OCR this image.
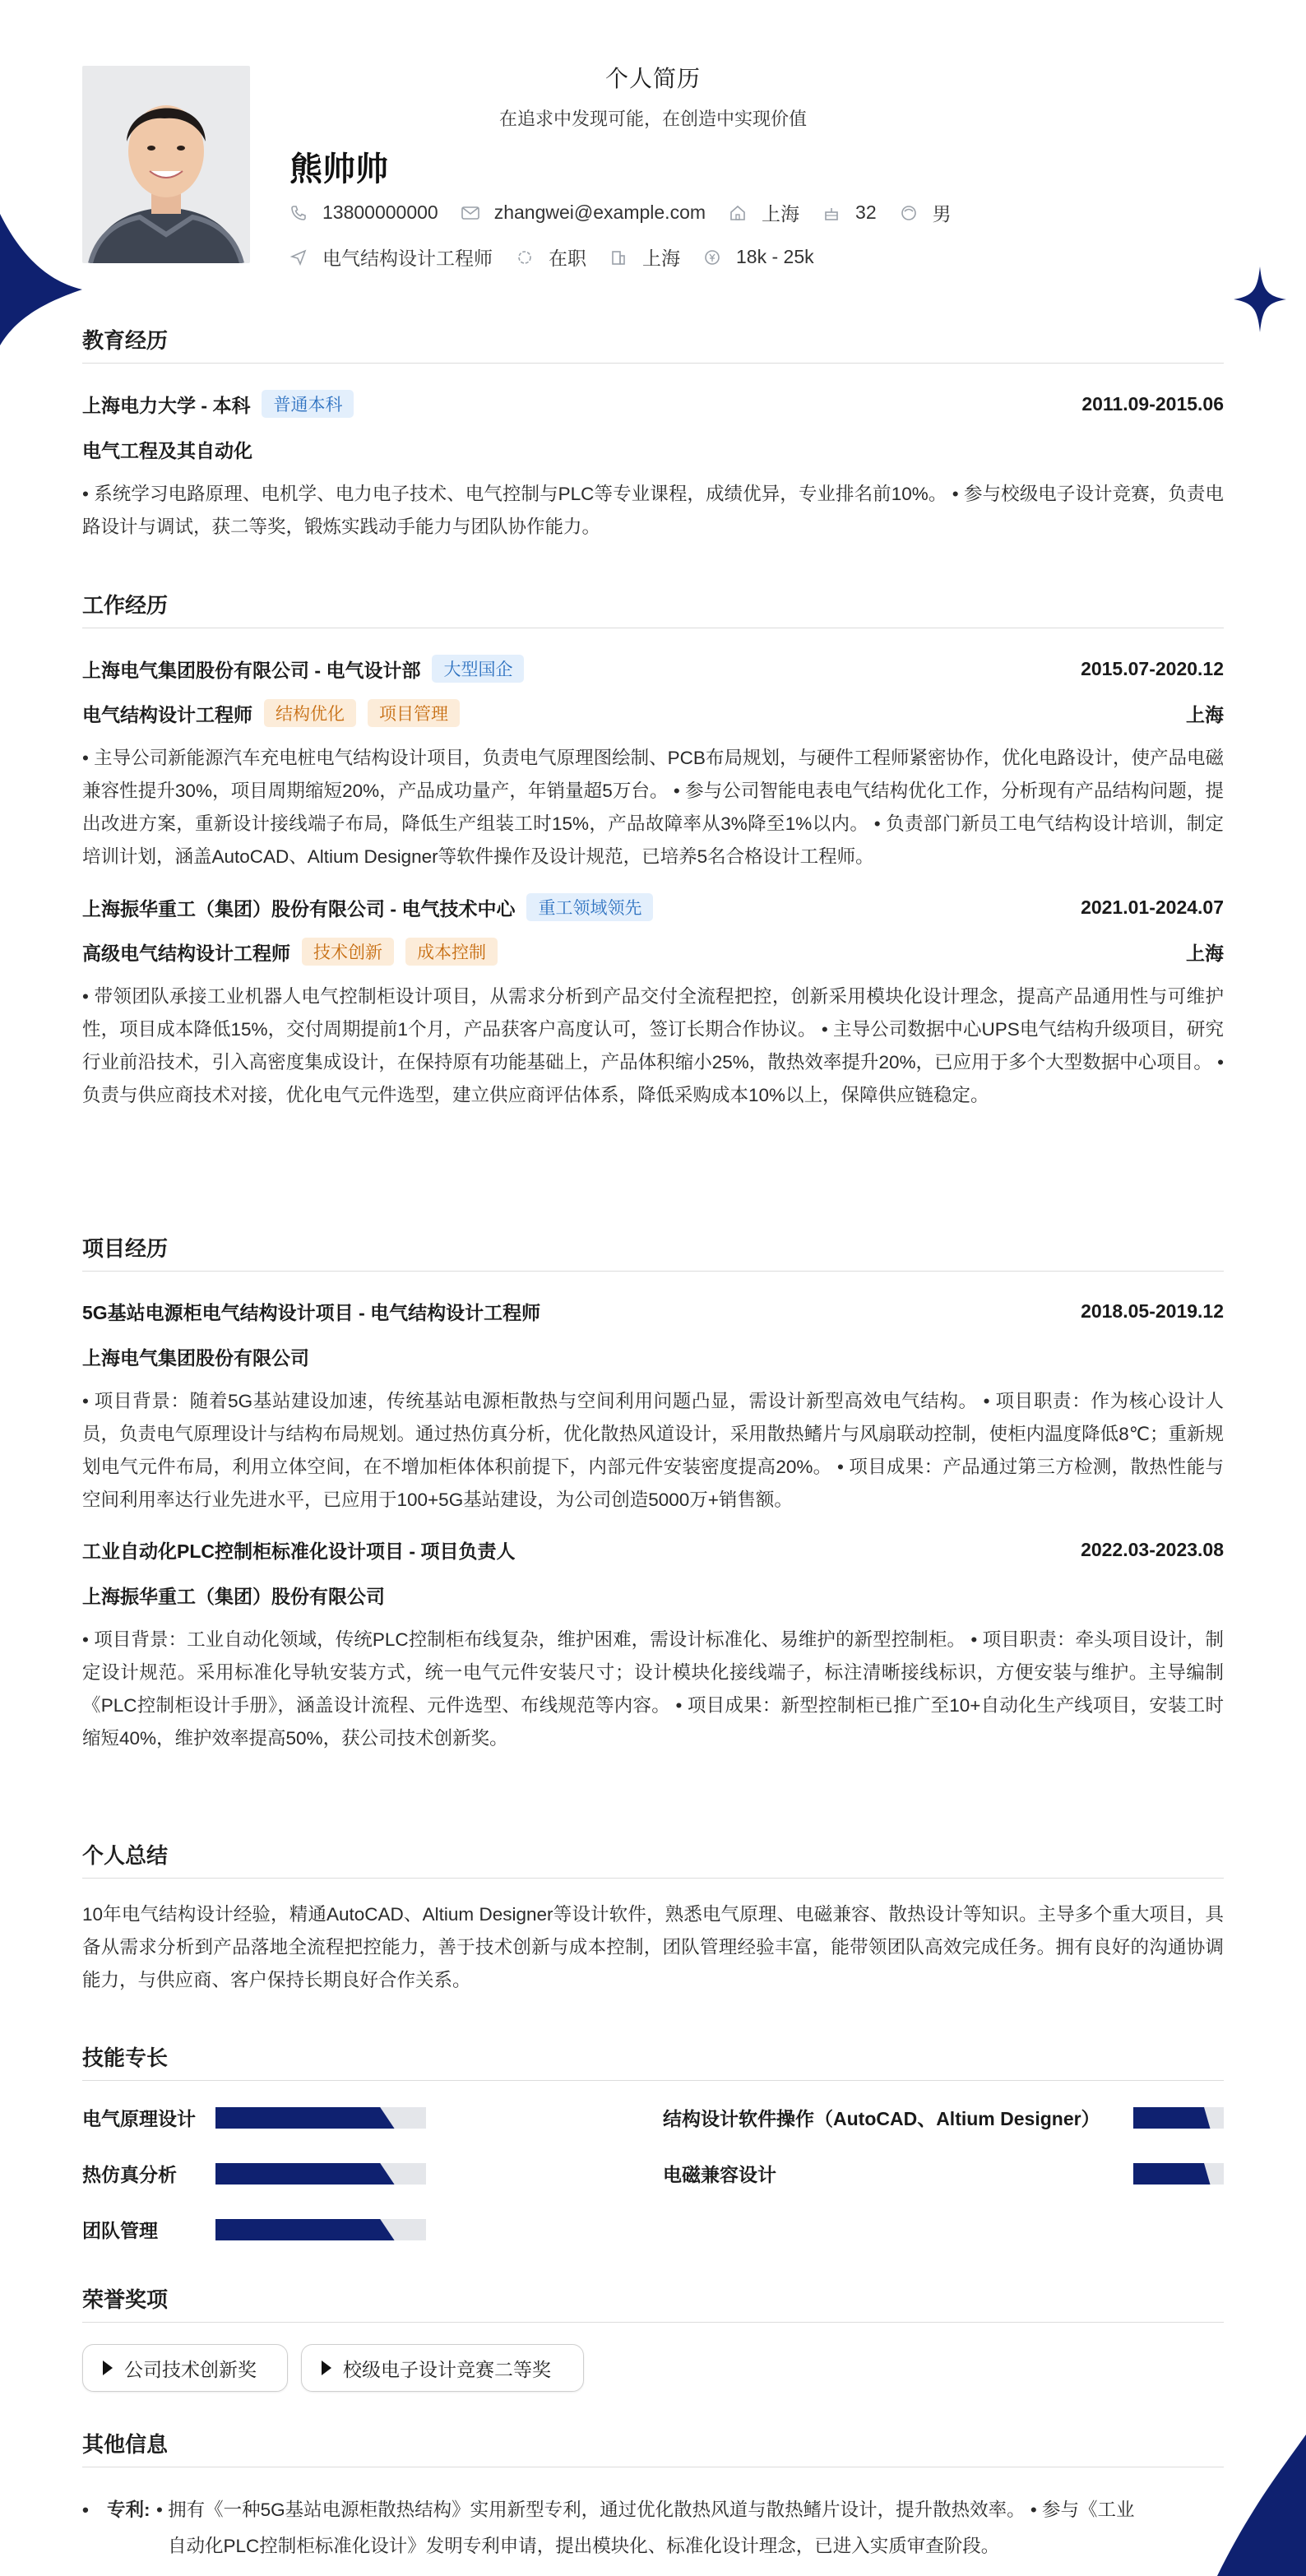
个人简历
在追求中发现可能，在创造中实现价值
熊帅帅
13800000000	zhangwei@example.com	上海	32	男
电气结构设计工程师	在职	上海	18k - 25k
教育经历
上海电力大学 - 本科	普通本科	2011.09-2015.06
电气工程及其自动化
• 系统学习电路原理、电机学、电力电子技术、电气控制与PLC等专业课程，成绩优异，专业排名前10%。 • 参与校级电子设计竞赛，负责电路设计与调试，获二等奖，锻炼实践动手能力与团队协作能力。
工作经历
上海电气集团股份有限公司 - 电气设计部	大型国企	2015.07-2020.12
电气结构设计工程师	结构优化	项目管理	上海
• 主导公司新能源汽车充电桩电气结构设计项目，负责电气原理图绘制、PCB布局规划，与硬件工程师紧密协作，优化电路设计，使产品电磁兼容性提升30%，项目周期缩短20%，产品成功量产，年销量超5万台。 • 参与公司智能电表电气结构优化工作，分析现有产品结构问题，提出改进方案，重新设计接线端子布局，降低生产组装工时15%，产品故障率从3%降至1%以内。 • 负责部门新员工电气结构设计培训，制定培训计划，涵盖AutoCAD、Altium Designer等软件操作及设计规范，已培养5名合格设计工程师。
上海振华重工（集团）股份有限公司 - 电气技术中心	重工领域领先	2021.01-2024.07
高级电气结构设计工程师	技术创新	成本控制	上海
• 带领团队承接工业机器人电气控制柜设计项目，从需求分析到产品交付全流程把控，创新采用模块化设计理念，提高产品通用性与可维护性，项目成本降低15%，交付周期提前1个月，产品获客户高度认可，签订长期合作协议。 • 主导公司数据中心UPS电气结构升级项目，研究行业前沿技术，引入高密度集成设计，在保持原有功能基础上，产品体积缩小25%，散热效率提升20%，已应用于多个大型数据中心项目。 • 负责与供应商技术对接，优化电气元件选型，建立供应商评估体系，降低采购成本10%以上，保障供应链稳定。
项目经历
5G基站电源柜电气结构设计项目 - 电气结构设计工程师	2018.05-2019.12
上海电气集团股份有限公司
• 项目背景：随着5G基站建设加速，传统基站电源柜散热与空间利用问题凸显，需设计新型高效电气结构。 • 项目职责：作为核心设计人员，负责电气原理设计与结构布局规划。通过热仿真分析，优化散热风道设计，采用散热鳍片与风扇联动控制，使柜内温度降低8℃；重新规划电气元件布局，利用立体空间，在不增加柜体体积前提下，内部元件安装密度提高20%。 • 项目成果：产品通过第三方检测，散热性能与空间利用率达行业先进水平，已应用于100+5G基站建设，为公司创造5000万+销售额。
工业自动化PLC控制柜标准化设计项目 - 项目负责人	2022.03-2023.08
上海振华重工（集团）股份有限公司
• 项目背景：工业自动化领域，传统PLC控制柜布线复杂，维护困难，需设计标准化、易维护的新型控制柜。 • 项目职责：牵头项目设计，制定设计规范。采用标准化导轨安装方式，统一电气元件安装尺寸；设计模块化接线端子，标注清晰接线标识，方便安装与维护。主导编制《PLC控制柜设计手册》，涵盖设计流程、元件选型、布线规范等内容。 • 项目成果：新型控制柜已推广至10+自动化生产线项目，安装工时缩短40%，维护效率提高50%，获公司技术创新奖。
个人总结
10年电气结构设计经验，精通AutoCAD、Altium Designer等设计软件，熟悉电气原理、电磁兼容、散热设计等知识。主导多个重大项目，具备从需求分析到产品落地全流程把控能力，善于技术创新与成本控制，团队管理经验丰富，能带领团队高效完成任务。拥有良好的沟通协调能力，与供应商、客户保持长期良好合作关系。
技能专长
电气原理设计	结构设计软件操作（AutoCAD、Altium Designer）
热仿真分析	电磁兼容设计
团队管理
荣誉奖项
公司技术创新奖	校级电子设计竞赛二等奖
其他信息
• 专利: • 拥有《一种5G基站电源柜散热结构》实用新型专利，通过优化散热风道与散热鳍片设计，提升散热效率。 • 参与《工业
自动化PLC控制柜标准化设计》发明专利申请，提出模块化、标准化设计理念，已进入实质审查阶段。
